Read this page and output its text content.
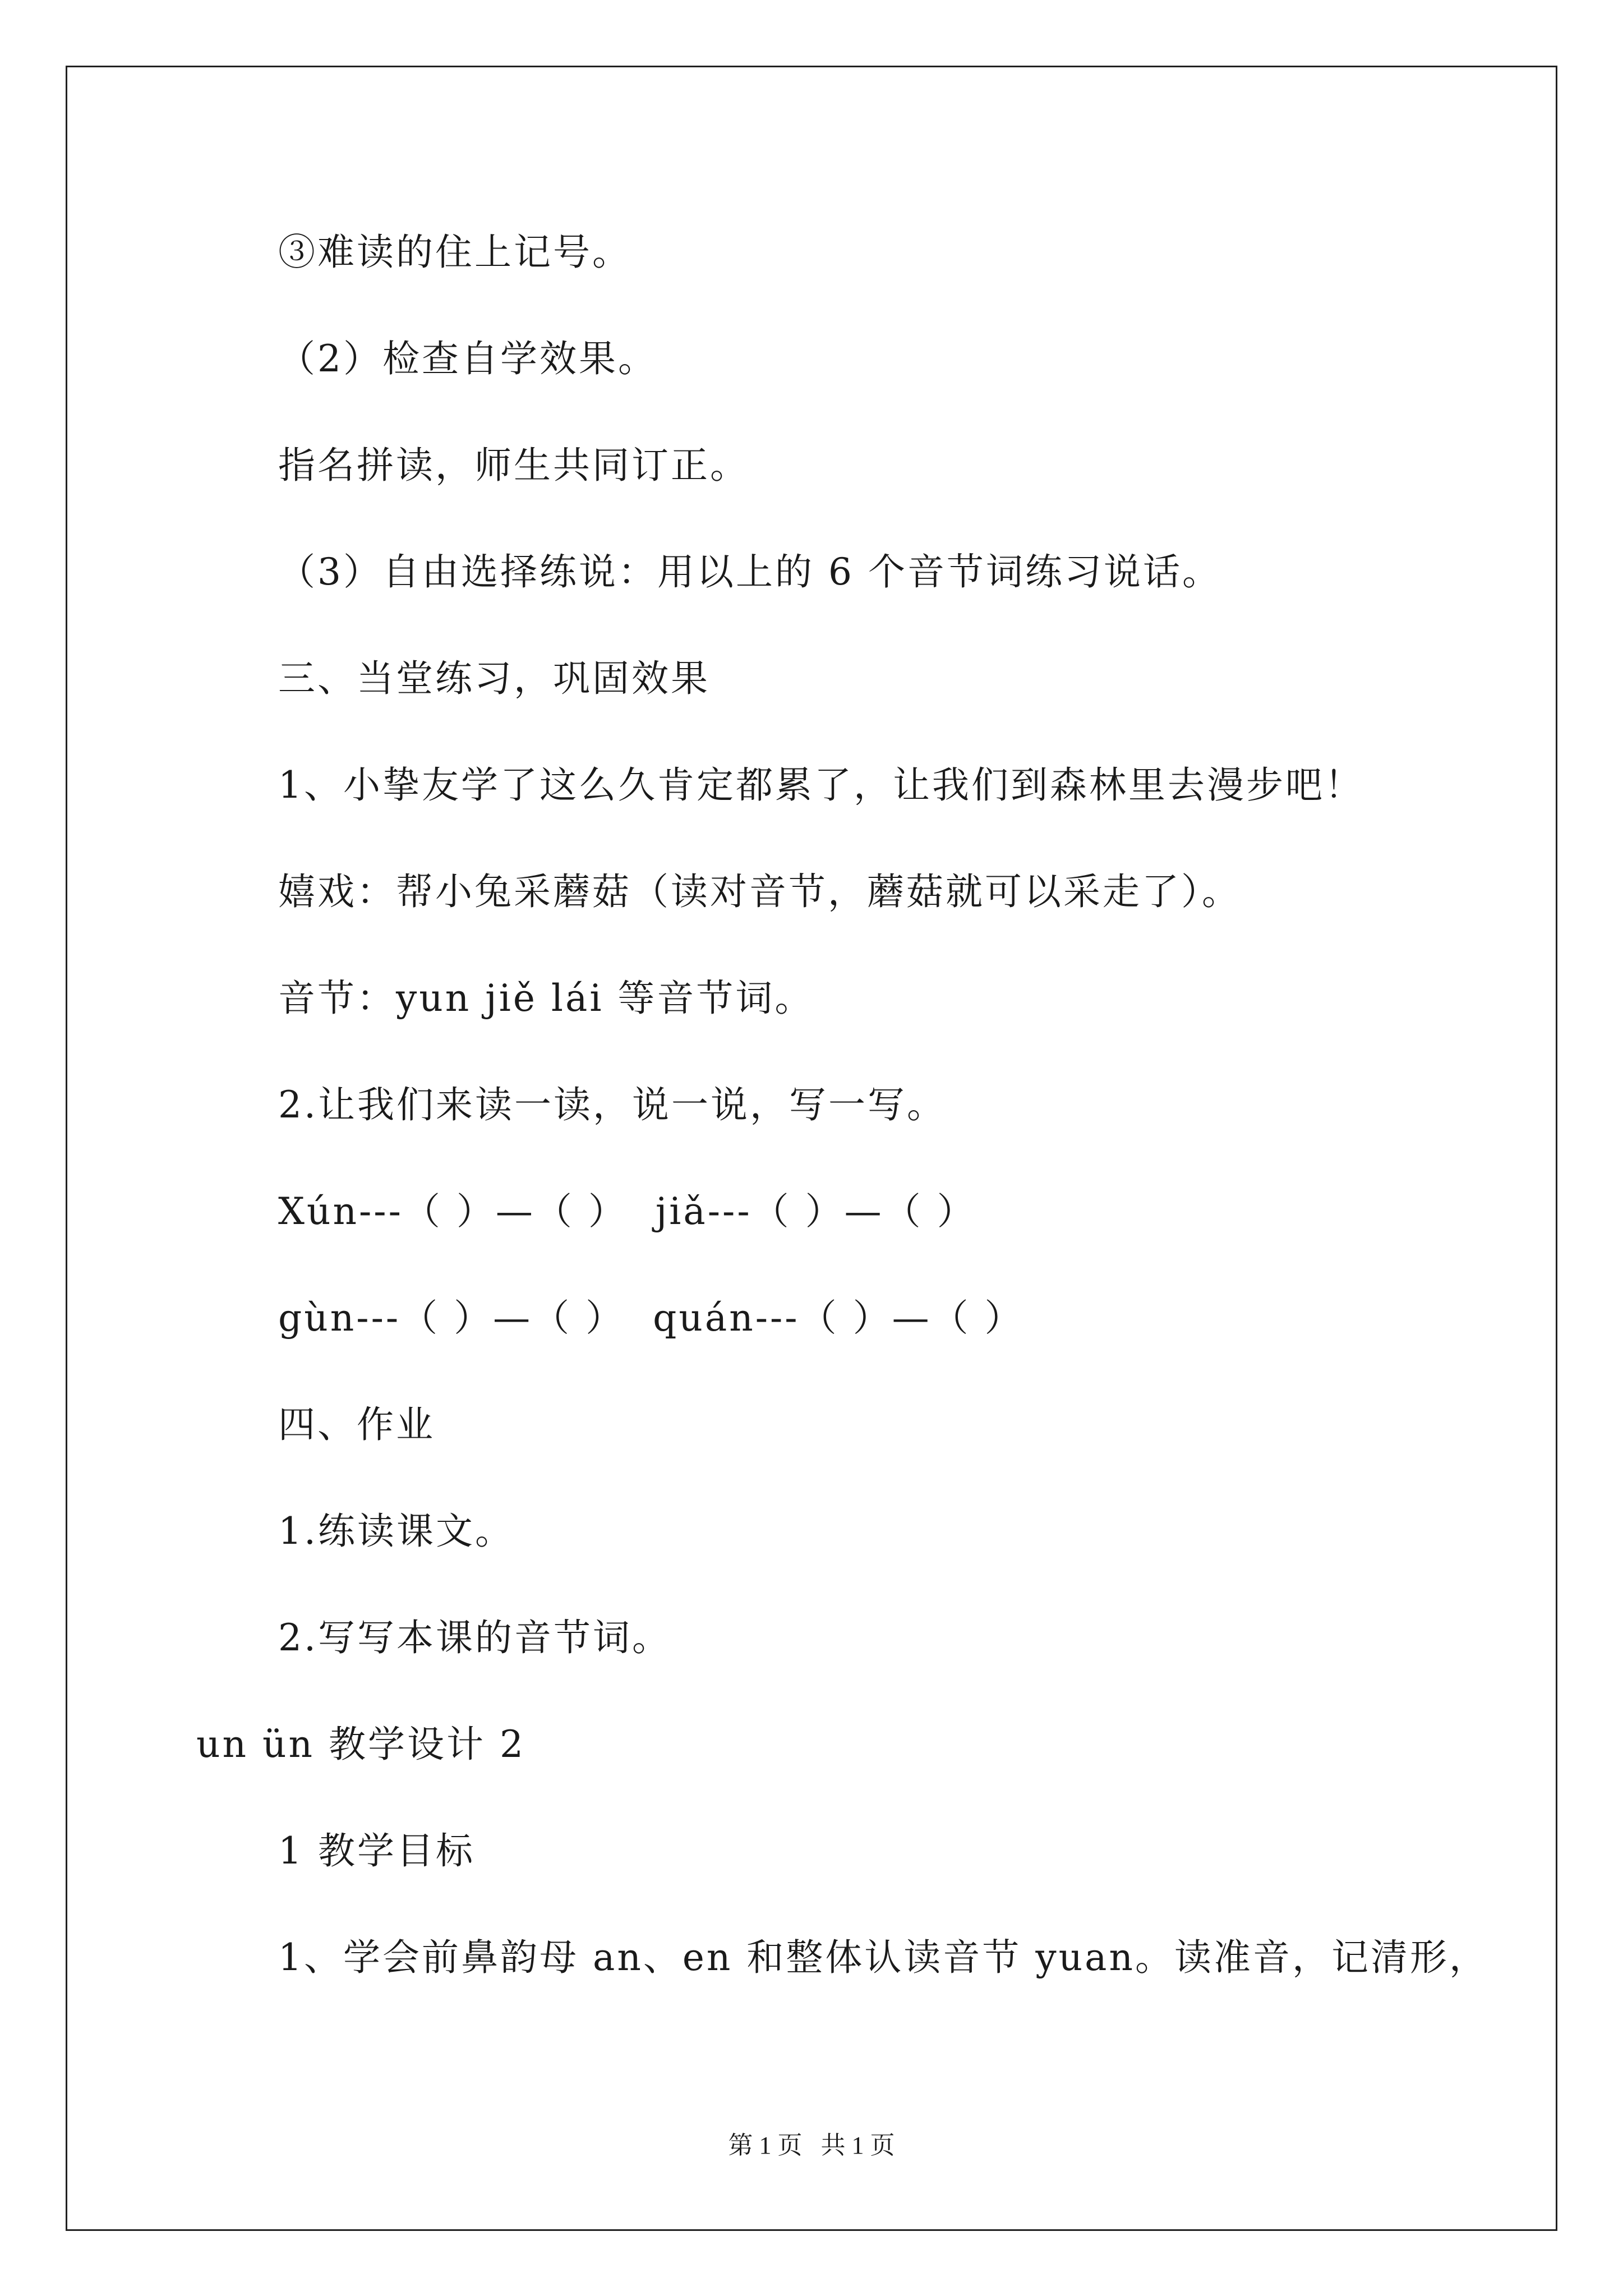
③难读的住上记号。
（2）检查自学效果。
指名拼读，师生共同订正。
（3）自由选择练说：用以上的 6 个音节词练习说话。
三、当堂练习，巩固效果
1、小挚友学了这么久肯定都累了，让我们到森林里去漫步吧！
嬉戏：帮小兔采蘑菇（读对音节，蘑菇就可以采走了）。
音节：yun jiě lái 等音节词。
2.让我们来读一读，说一说，写一写。
Xún---（ ）—（ ）  jiǎ---（ ）—（ ）
gùn---（ ）—（ ）  quán---（ ）—（ ）
四、作业
1.练读课文。
2.写写本课的音节词。
un ün 教学设计 2
1 教学目标
1、学会前鼻韵母 an、en 和整体认读音节 yuan。读准音，记清形，
第 1 页   共 1 页
